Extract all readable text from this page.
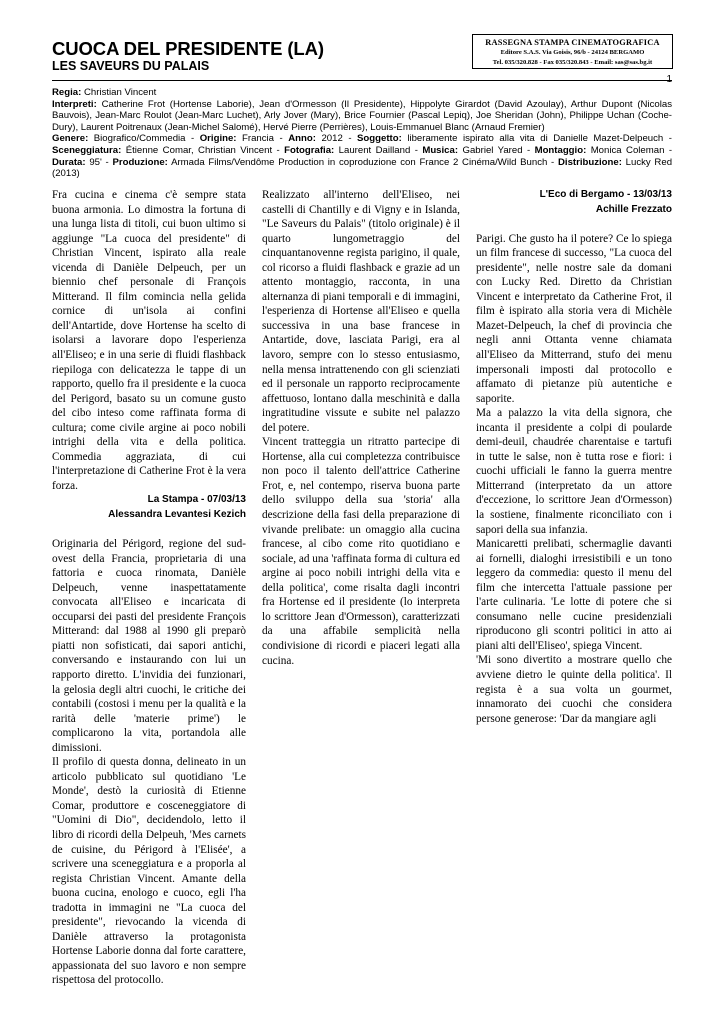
CUOCA DEL PRESIDENTE (LA)
LES SAVEURS DU PALAIS
RASSEGNA STAMPA CINEMATOGRAFICA
Editore S.A.S. Via Goisis, 96/b - 24124 BERGAMO
Tel. 035/320.828 - Fax 035/320.843 - Email: sas@sas.bg.it
1
Regia: Christian Vincent
Interpreti: Catherine Frot (Hortense Laborie), Jean d'Ormesson (Il Presidente), Hippolyte Girardot (David Azoulay), Arthur Dupont (Nicolas Bauvois), Jean-Marc Roulot (Jean-Marc Luchet), Arly Jover (Mary), Brice Fournier (Pascal Lepiq), Joe Sheridan (John), Philippe Uchan (Coche-Dury), Laurent Poitrenaux (Jean-Michel Salomé), Hervé Pierre (Perrières), Louis-Emmanuel Blanc (Arnaud Fremier)
Genere: Biografico/Commedia - Origine: Francia - Anno: 2012 - Soggetto: liberamente ispirato alla vita di Danielle Mazet-Delpeuch - Sceneggiatura: Étienne Comar, Christian Vincent - Fotografia: Laurent Dailland - Musica: Gabriel Yared - Montaggio: Monica Coleman - Durata: 95' - Produzione: Armada Films/Vendôme Production in coproduzione con France 2 Cinéma/Wild Bunch - Distribuzione: Lucky Red (2013)

Fra cucina e cinema c'è sempre stata buona armonia. Lo dimostra la fortuna di una lunga lista di titoli, cui buon ultimo si aggiunge "La cuoca del presidente" di Christian Vincent, ispirato alla reale vicenda di Danièle Delpeuch, per un biennio chef personale di François Mitterand. Il film comincia nella gelida cornice di un'isola ai confini dell'Antartide, dove Hortense ha scelto di isolarsi a lavorare dopo l'esperienza all'Eliseo; e in una serie di fluidi flashback riepiloga con delicatezza le tappe di un rapporto, quello fra il presidente e la cuoca del Perigord, basato su un comune gusto del cibo inteso come raffinata forma di cultura; come civile argine ai poco nobili intrighi della vita e della politica. Commedia aggraziata, di cui l'interpretazione di Catherine Frot è la vera forza.

La Stampa - 07/03/13
Alessandra Levantesi Kezich

Originaria del Périgord, regione del sud-ovest della Francia, proprietaria di una fattoria e cuoca rinomata, Danièle Delpeuch, venne inaspettatamente convocata all'Eliseo e incaricata di occuparsi dei pasti del presidente François Mitterand: dal 1988 al 1990 gli preparò piatti non sofisticati, dai sapori antichi, conversando e instaurando con lui un rapporto diretto. L'invidia dei funzionari, la gelosia degli altri cuochi, le critiche dei contabili (costosi i menu per la qualità e la rarità delle 'materie prime') le complicarono la vita, portandola alle dimissioni.

Il profilo di questa donna, delineato in un articolo pubblicato sul quotidiano 'Le Monde', destò la curiosità di Etienne Comar, produttore e cosceneggiatore di "Uomini di Dio", decidendolo, letto il libro di ricordi della Delpeuh, 'Mes carnets de cuisine, du Périgord à l'Elisée', a scrivere una sceneggiatura e a proporla al regista Christian Vincent. Amante della buona cucina, enologo e cuoco, egli l'ha tradotta in immagini ne "La cuoca del presidente", rievocando la vicenda di Danièle attraverso la protagonista Hortense Laborie donna dal forte carattere, appassionata del suo lavoro e non sempre rispettosa del protocollo.

Realizzato all'interno dell'Eliseo, nei castelli di Chantilly e di Vigny e in Islanda, "Le Saveurs du Palais" (titolo originale) è il quarto lungometraggio del cinquantanovenne regista parigino, il quale, col ricorso a fluidi flashback e grazie ad un attento montaggio, racconta, in una alternanza di piani temporali e di immagini, l'esperienza di Hortense all'Eliseo e quella successiva in una base francese in Antartide, dove, lasciata Parigi, era al lavoro, sempre con lo stesso entusiasmo, nella mensa intrattenendo con gli scienziati ed il personale un rapporto reciprocamente affettuoso, lontano dalla meschinità e dalla ingratitudine vissute e subite nel palazzo del potere.

Vincent tratteggia un ritratto partecipe di Hortense, alla cui completezza contribuisce non poco il talento dell'attrice Catherine Frot, e, nel contempo, riserva buona parte dello sviluppo della sua 'storia' alla descrizione della fasi della preparazione di vivande prelibate: un omaggio alla cucina francese, al cibo come rito quotidiano e sociale, ad una 'raffinata forma di cultura ed argine ai poco nobili intrighi della vita e della politica', come risalta dagli incontri fra Hortense ed il presidente (lo interpreta lo scrittore Jean d'Ormesson), caratterizzati da una affabile semplicità nella condivisione di ricordi e piaceri legati alla cucina.

L'Eco di Bergamo - 13/03/13
Achille Frezzato

Parigi. Che gusto ha il potere? Ce lo spiega un film francese di successo, "La cuoca del presidente", nelle nostre sale da domani con Lucky Red. Diretto da Christian Vincent e interpretato da Catherine Frot, il film è ispirato alla storia vera di Michèle Mazet-Delpeuch, la chef di provincia che negli anni Ottanta venne chiamata all'Eliseo da Mitterrand, stufo dei menu impersonali imposti dal protocollo e affamato di pietanze più autentiche e saporite.

Ma a palazzo la vita della signora, che incanta il presidente a colpi di poularde demi-deuil, chaudrée charentaise e tartufi in tutte le salse, non è tutta rose e fiori: i cuochi ufficiali le fanno la guerra mentre Mitterrand (interpretato da un attore d'eccezione, lo scrittore Jean d'Ormesson) la sostiene, finalmente riconciliato con i sapori della sua infanzia.

Manicaretti prelibati, schermaglie davanti ai fornelli, dialoghi irresistibili e un tono leggero da commedia: questo il menu del film che intercetta l'attuale passione per l'arte culinaria. 'Le lotte di potere che si consumano nelle cucine presidenziali riproducono gli scontri politici in atto ai piani alti dell'Eliseo', spiega Vincent.

'Mi sono divertito a mostrare quello che avviene dietro le quinte della politica'. Il regista è a sua volta un gourmet, innamorato dei cuochi che considera persone generose: 'Dar da mangiare agli
